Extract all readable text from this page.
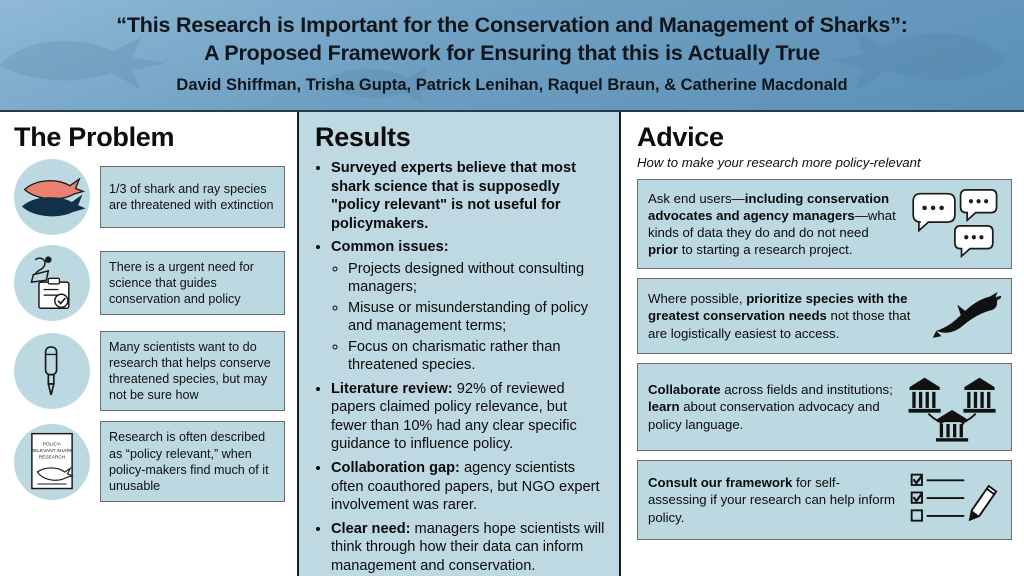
“This Research is Important for the Conservation and Management of Sharks”:
A Proposed Framework for Ensuring that this is Actually True
David Shiffman, Trisha Gupta, Patrick Lenihan, Raquel Braun, & Catherine Macdonald
The Problem
1/3 of shark and ray species are threatened with extinction
There is a urgent need for science that guides conservation and policy
Many scientists want to do research that helps conserve threatened species, but may not be sure how
POLICY-
RELEVANT SHARK
RESEARCH
Research is often described as “policy relevant,” when policy-makers find much of it unusable
Results
• Surveyed experts believe that most shark science that is supposedly "policy relevant" is not useful for policymakers.
• Common issues:
◦ Projects designed without consulting managers;
◦ Misuse or misunderstanding of policy and management terms;
◦ Focus on charismatic rather than threatened species.
• Literature review: 92% of reviewed papers claimed policy relevance, but fewer than 10% had any clear specific guidance to influence policy.
• Collaboration gap: agency scientists often coauthored papers, but NGO expert involvement was rarer.
• Clear need: managers hope scientists will think through how their data can inform management and conservation.
Advice
How to make your research more policy-relevant
Ask end users—including conservation advocates and agency managers—what kinds of data they do and do not need prior to starting a research project.
Where possible, prioritize species with the greatest conservation needs not those that are logistically easiest to access.
Collaborate across fields and institutions; learn about conservation advocacy and policy language.
Consult our framework for self-assessing if your research can help inform policy.
